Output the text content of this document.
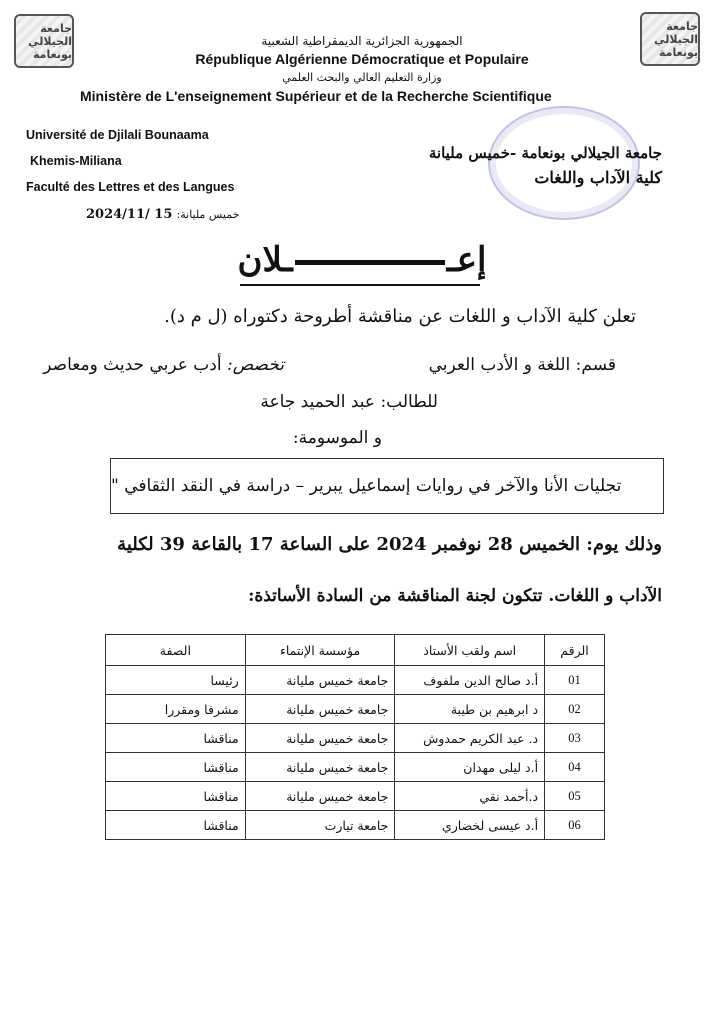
جامعة الجيلالي بونعامة
جامعة الجيلالي بونعامة
الجمهورية الجزائرية الديمقراطية الشعبية
République Algérienne Démocratique et Populaire
وزارة التعليم العالي والبحث العلمي
Ministère de L'enseignement Supérieur et de la Recherche Scientifique
Université de Djilali Bounaama
Khemis-Miliana
Faculté des Lettres et des Langues
جامعة الجيلالي بونعامة -خميس مليانة
كلية الآداب واللغات
خميس مليانة: 2024/11/ 15
إعــلان
تعلن كلية الآداب و اللغات عن مناقشة أطروحة دكتوراه (ل م د).
قسم: اللغة و الأدب العربي
تخصص: أدب عربي حديث ومعاصر
للطالب: عبد الحميد جاعة
و الموسومة:
تجليات الأنا والآخر في روايات إسماعيل يبرير – دراسة في النقد الثقافي "
وذلك يوم: الخميس 28 نوفمبر 2024 على الساعة 17 بالقاعة 39 لكلية
الآداب و اللغات. تتكون لجنة المناقشة من السادة الأساتذة:
الرقم	اسم ولقب الأستاذ	مؤسسة الإنتماء	الصفة
01	أ.د صالح الدين ملفوف	جامعة خميس مليانة	رئيسا
02	د ابرهيم بن طيبة	جامعة خميس مليانة	مشرفا ومقررا
03	د. عبد الكريم حمدوش	جامعة خميس مليانة	مناقشا
04	أ.د ليلى مهدان	جامعة خميس مليانة	مناقشا
05	د.أحمد نقي	جامعة خميس مليانة	مناقشا
06	أ.د عيسى لخضاري	جامعة تيارت	مناقشا
